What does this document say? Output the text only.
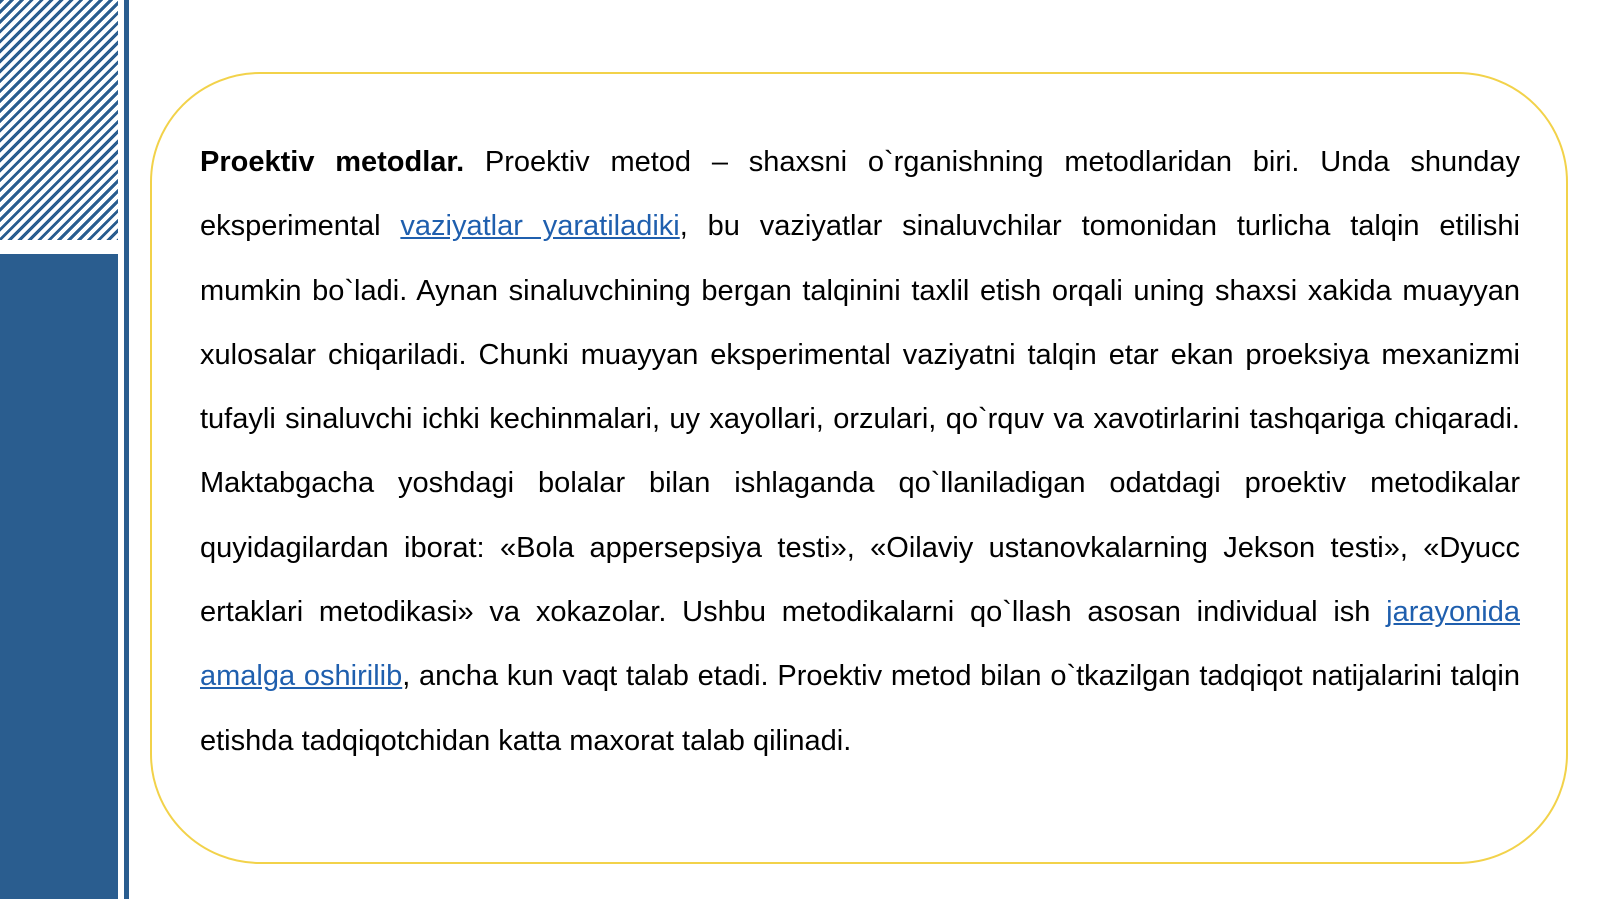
Proektiv metodlar. Proektiv metod – shaxsni o`rganishning metodlaridan biri. Unda shunday eksperimental vaziyatlar yaratiladiki, bu vaziyatlar sinaluvchilar tomonidan turlicha talqin etilishi mumkin bo`ladi. Aynan sinaluvchining bergan talqinini taxlil etish orqali uning shaxsi xakida muayyan xulosalar chiqariladi. Chunki muayyan eksperimental vaziyatni talqin etar ekan proeksiya mexanizmi tufayli sinaluvchi ichki kechinmalari, uy xayollari, orzulari, qo`rquv va xavotirlarini tashqariga chiqaradi. Maktabgacha yoshdagi bolalar bilan ishlaganda qo`llaniladigan odatdagi proektiv metodikalar quyidagilardan iborat: «Bola appersepsiya testi», «Oilaviy ustanovkalarning Jekson testi», «Dyucc ertaklari metodikasi» va xokazolar. Ushbu metodikalarni qo`llash asosan individual ish jarayonida amalga oshirilib, ancha kun vaqt talab etadi. Proektiv metod bilan o`tkazilgan tadqiqot natijalarini talqin etishda tadqiqotchidan katta maxorat talab qilinadi.
